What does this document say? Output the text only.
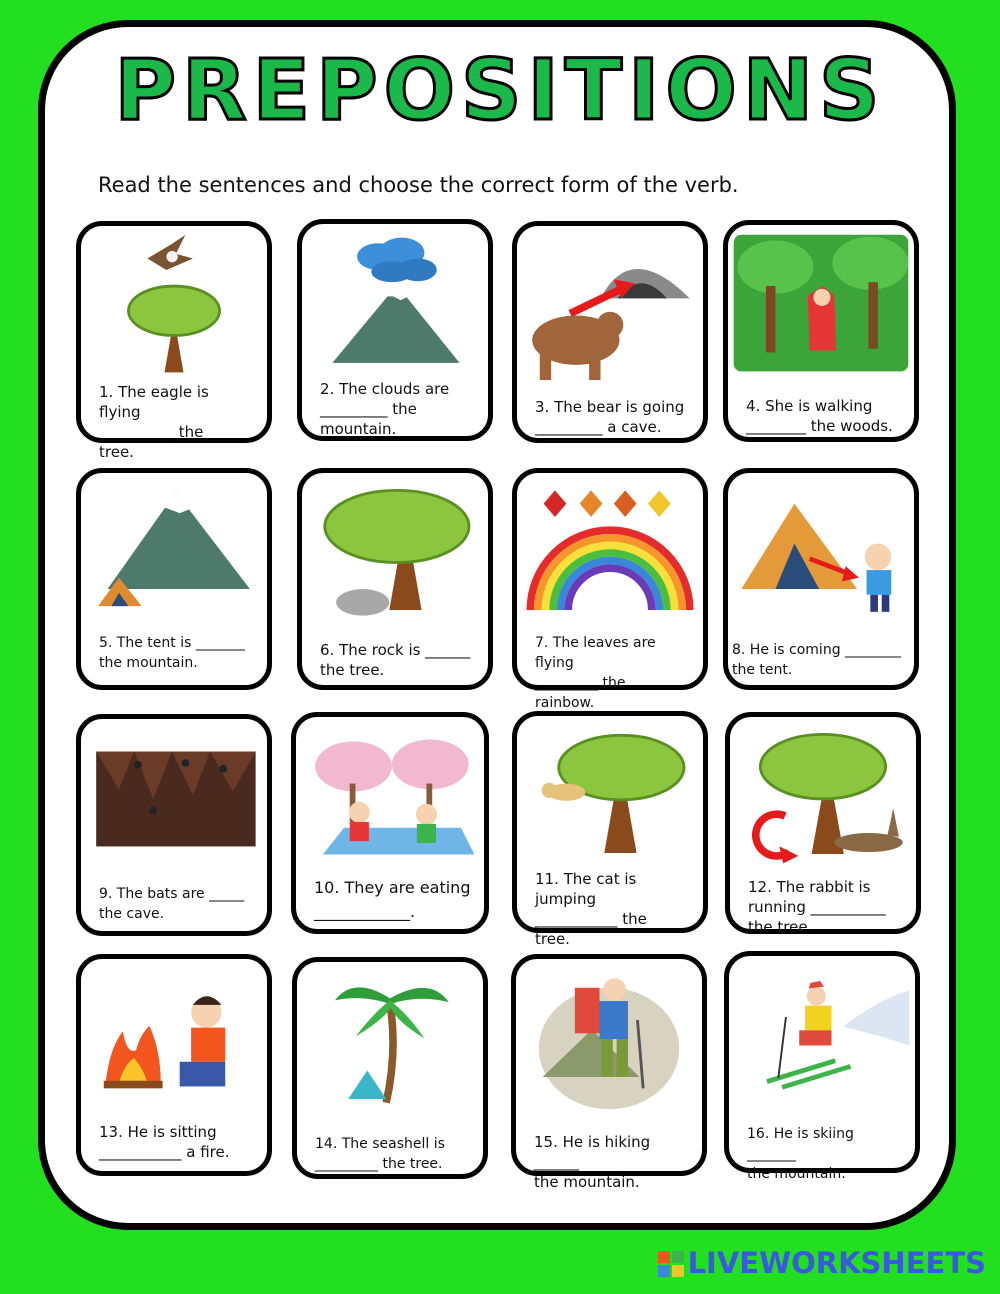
PREPOSITIONS
Read the sentences and choose the correct form of the verb.
1. The eagle is flying
__________ the
tree.
2. The clouds are
_________ the
mountain.
3. The bear is going
_________ a cave.
4. She is walking
________ the woods.
5. The tent is _______
the mountain.
6. The rock is ______
the tree.
7. The leaves are flying
_________ the
rainbow.
8. He is coming ________
the tent.
9. The bats are _____
the cave.
10. They are eating
____________.
11. The cat is jumping
___________ the
tree.
12. The rabbit is
running __________
the tree.
13. He is sitting
___________ a fire.	14. The seashell is
_________ the tree.
15. He is hiking ______
the mountain.
16. He is skiing _______
the mountain.
LIVEWORKSHEETS
